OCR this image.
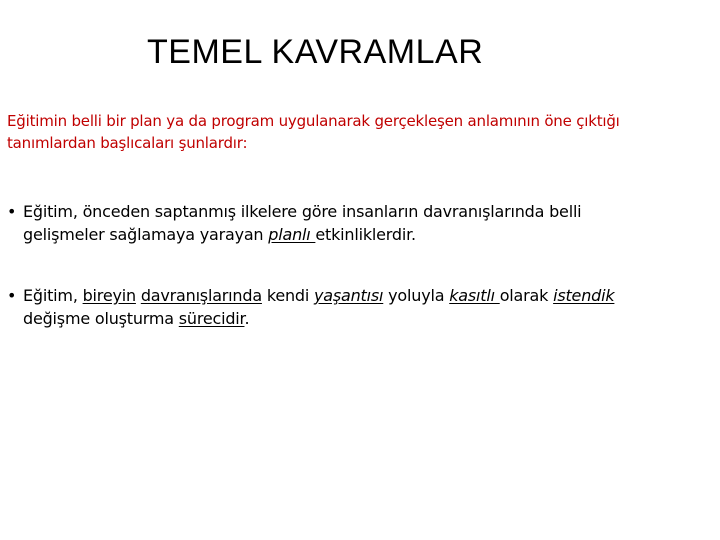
TEMEL KAVRAMLAR
Eğitimin belli bir plan ya da program uygulanarak gerçekleşen anlamının öne çıktığı tanımlardan başlıcaları şunlardır:
• Eğitim, önceden saptanmış ilkelere göre insanların davranışlarında belli
gelişmeler sağlamaya yarayan planlı etkinliklerdir.
• Eğitim, bireyin davranışlarında kendi yaşantısı yoluyla kasıtlı olarak istendik
değişme oluşturma sürecidir.
